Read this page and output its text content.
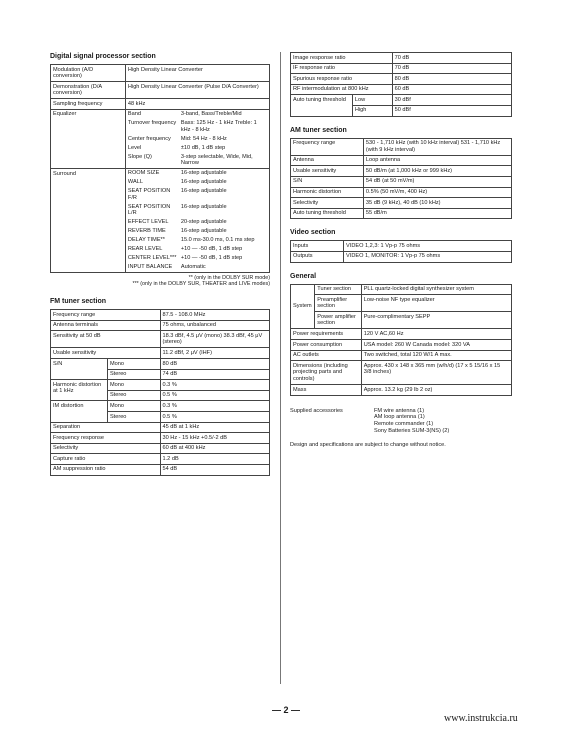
Digital signal processor section
Modulation (A/D conversion)	High Density Linear Converter
Demonstration (D/A conversion)	High Density Linear Converter (Pulse D/A Converter)
Sampling frequency	48 kHz
Equalizer		Band	3-band, Bass/Treble/Mid
Turnover frequency	Bass: 125 Hz - 1 kHz Treble: 1 kHz - 8 kHz
Center frequency	Mid: 54 Hz - 8 kHz
Level	±10 dB, 1 dB step
Slope (Q)	3-step selectable, Wide, Mid, Narrow

Surround		ROOM SIZE	16-step adjustable
WALL	16-step adjustable
SEAT POSITION F/R	16-step adjustable
SEAT POSITION L/R	16-step adjustable
EFFECT LEVEL	20-step adjustable
REVERB TIME	16-step adjustable
DELAY TIME**	15.0 ms-30.0 ms, 0.1 ms step
REAR LEVEL	+10 — -50 dB, 1 dB step
CENTER LEVEL***	+10 — -50 dB, 1 dB step
INPUT BALANCE	Automatic
** (only in the DOLBY SUR mode)
*** (only in the DOLBY SUR, THEATER and LIVE modes)
FM tuner section
Frequency range		87.5 - 108.0 MHz
Antenna terminals		75 ohms, unbalanced
Sensitivity at 50 dB		18.3 dBf, 4.5 μV (mono) 38.3 dBf, 45 μV (stereo)
Usable sensitivity		11.2 dBf, 2 μV (IHF)
S/N	Mono	80 dB
	Stereo	74 dB
Harmonic distortion at 1 kHz	Mono	0.3 %
	Stereo	0.5 %
IM distortion	Mono	0.3 %
	Stereo	0.5 %
Separation		45 dB at 1 kHz
Frequency response		30 Hz - 15 kHz +0.5/-2 dB
Selectivity		60 dB at 400 kHz
Capture ratio		1.2 dB
AM suppression ratio		54 dB
Image response ratio		70 dB
IF response ratio		70 dB
Spurious response ratio		80 dB
RF intermodulation at 800 kHz		60 dB
Auto tuning threshold	Low	30 dBf
	High	50 dBf
AM tuner section
Frequency range	530 - 1,710 kHz (with 10 kHz interval) 531 - 1,710 kHz (with 9 kHz interval)
Antenna	Loop antenna
Usable sensitivity	50 dB/m (at 1,000 kHz or 999 kHz)
S/N	54 dB (at 50 mV/m)
Harmonic distortion	0.5% (50 mV/m, 400 Hz)
Selectivity	35 dB (9 kHz), 40 dB (10 kHz)
Auto tuning threshold	55 dB/m
Video section
Inputs	VIDEO 1,2,3: 1 Vp-p 75 ohms
Outputs	VIDEO 1, MONITOR: 1 Vp-p 75 ohms
General
System	Tuner section	PLL quartz-locked digital synthesizer system
	Preamplifier section	Low-noise NF type equalizer
	Power amplifier section	Pure-complimentary SEPP
Power requirements		120 V AC,60 Hz
Power consumption		USA model: 260 W Canada model: 320 VA
AC outlets		Two switched, total 120 W/1 A max.
Dimensions (including projecting parts and controls)		Approx. 430 x 148 x 365 mm (w/h/d) (17 x 5 15/16 x 15 3/8 inches)
Mass		Approx. 13.2 kg (29 lb 2 oz)
Supplied accessories	FM wire antenna (1)
AM loop antenna (1)
Remote commander (1)
Sony Batteries SUM-3(NS) (2)
Design and specifications are subject to change without notice.
— 2 —
www.instrukcia.ru
